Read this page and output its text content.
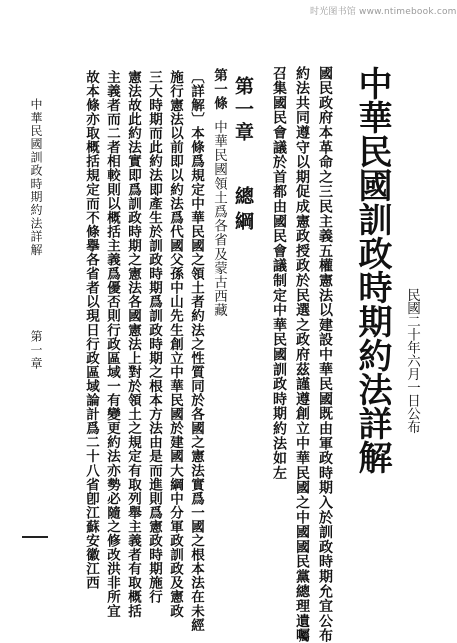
时光图书馆 www.ntimebook.com
中華民國訓政時期約法詳解 民國二十年六月一日公布
國民政府本革命之三民主義五權憲法以建設中華民國既由軍政時期入於訓政時期允宜公布
約法共同遵守以期促成憲政授政於民選之政府茲謹遵創立中華民國之中國國民黨總理遺囑
召集國民會議於首都由國民會議制定中華民國訓政時期約法如左
第一章
總綱
第一條
中華民國領土爲各省及蒙古西藏
〔詳解〕本條爲規定中華民國之領土者約法之性質同於各國之憲法實爲一國之根本法在未經
施行憲法以前即以約法爲代國父孫中山先生創立中華民國於建國大綱中分軍政訓政及憲政
三大時期而此約法即產生於訓政時期爲訓政時期之根本方法由是而進則爲憲政時期施行
憲法故此約法實即爲訓政時期之憲法各國憲法上對於領土之規定有取列舉主義者有取概括
主義者而二者相較則以概括主義爲優否則行政區域一有變更約法亦勢必隨之修改洪非所宜
故本條亦取概括規定而不條擧各省者以現日行政區域論計爲二十八省卽江蘇安徽江西
中華民國訓政時期約法詳解
第一章
